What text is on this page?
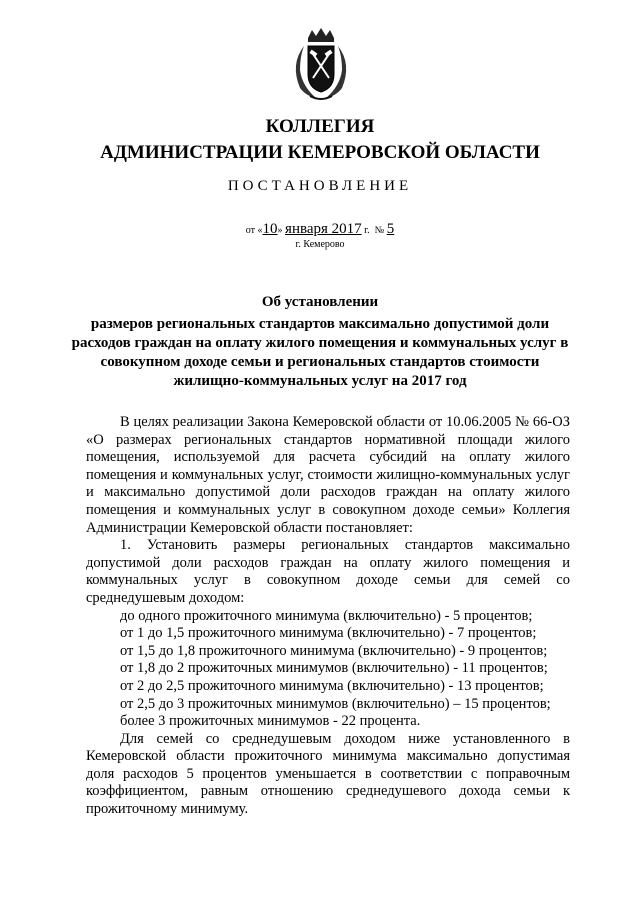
КОЛЛЕГИЯ
АДМИНИСТРАЦИИ КЕМЕРОВСКОЙ ОБЛАСТИ
ПОСТАНОВЛЕНИЕ
от «10» января 2017 г. № 5
г. Кемерово
Об установлении
размеров региональных стандартов максимально допустимой доли расходов граждан на оплату жилого помещения и коммунальных услуг в совокупном доходе семьи и региональных стандартов стоимости жилищно-коммунальных услуг на 2017 год

В целях реализации Закона Кемеровской области от 10.06.2005 № 66-ОЗ «О размерах региональных стандартов нормативной площади жилого помещения, используемой для расчета субсидий на оплату жилого помещения и коммунальных услуг, стоимости жилищно-коммунальных услуг и максимально допустимой доли расходов граждан на оплату жилого помещения и коммунальных услуг в совокупном доходе семьи» Коллегия Администрации Кемеровской области постановляет:

1. Установить размеры региональных стандартов максимально допустимой доли расходов граждан на оплату жилого помещения и коммунальных услуг в совокупном доходе семьи для семей со среднедушевым доходом:

до одного прожиточного минимума (включительно) - 5 процентов;

от 1 до 1,5 прожиточного минимума (включительно) - 7 процентов;

от 1,5 до 1,8 прожиточного минимума (включительно) - 9 процентов;

от 1,8 до 2 прожиточных минимумов (включительно) - 11 процентов;

от 2 до 2,5 прожиточного минимума (включительно) - 13 процентов;

от 2,5 до 3 прожиточных минимумов (включительно) – 15 процентов;

более 3 прожиточных минимумов - 22 процента.

Для семей со среднедушевым доходом ниже установленного в Кемеровской области прожиточного минимума максимально допустимая доля расходов 5 процентов уменьшается в соответствии с поправочным коэффициентом, равным отношению среднедушевого дохода семьи к прожиточному минимуму.
